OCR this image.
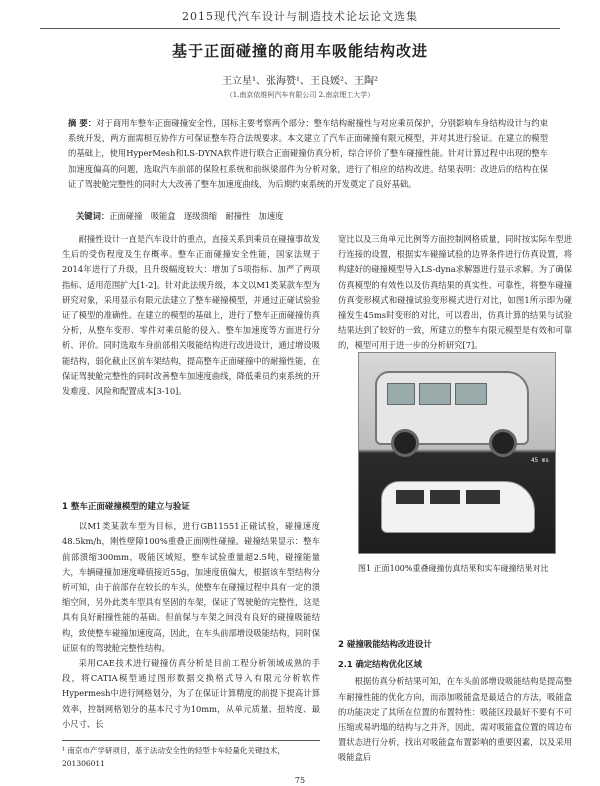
2015现代汽车设计与制造技术论坛论文选集
基于正面碰撞的商用车吸能结构改进
王立星¹、张海赞¹、王良媛²、王陶²
（1.南京依维柯汽车有限公司 2.南京理工大学）
摘 要：对于商用车整车正面碰撞安全性，国标主要考察两个部分：整车结构耐撞性与对应乘员保护，分别影响车身结构设计与约束系统开发，两方面需相互协作方可保证整车符合法规要求。本文建立了汽车正面碰撞有限元模型，并对其进行验证。在建立的模型的基础上，使用HyperMesh和LS-DYNA软件进行联合正面碰撞仿真分析，综合评价了整车碰撞性能。针对计算过程中出现的整车加速度偏高的问题，选取汽车前部的保险杠系统和前纵梁部件为分析对象，进行了相应的结构改进。结果表明：改进后的结构在保证了驾驶舱完整性的同时大大改善了整车加速度曲线，为后期约束系统的开发奠定了良好基础。
关键词：正面碰撞　吸能盒　逐级溃缩　耐撞性　加速度

耐撞性设计一直是汽车设计的重点，直接关系到乘员在碰撞事故发生后的受伤程度及生存概率。整车正面碰撞安全性能，国家法规于2014年进行了升级，且升级幅度较大：增加了5项指标、加严了两项指标、适用范围扩大[1-2]。针对此法规升级，本文以M1类某款车型为研究对象，采用显示有限元法建立了整车碰撞模型，并通过正碰试验验证了模型的准确性。在建立的模型的基础上，进行了整车正面碰撞仿真分析，从整车变形、零件对乘员舱的侵入、整车加速度等方面进行分析、评价。同时选取车身前部相关吸能结构进行改进设计，通过增设吸能结构，弱化截止区前车架结构，提高整车正面碰撞中的耐撞性能，在保证驾驶舱完整性的同时改善整车加速度曲线，降低乘员约束系统的开发难度、风险和配置成本[3-10]。

1 整车正面碰撞模型的建立与验证

以M1类某款车型为目标，进行GB11551正碰试验，碰撞速度48.5km/h，刚性壁障100%重叠正面刚性碰撞。碰撞结果显示：整车前部溃缩300mm，吸能区域短，整车试验重量超2.5吨，碰撞能量大，车辆碰撞加速度峰值接近55g，加速度值偏大，根据该车型结构分析可知，由于前部存在较长的车头，使整车在碰撞过程中具有一定的溃缩空间，另外此类车型具有坚固的车架，保证了驾驶舱的完整性，这是具有良好耐撞性能的基础。但前保与车架之间没有良好的碰撞吸能结构，致使整车碰撞加速度高，因此，在车头前部增设吸能结构，同时保证原有的驾驶舱完整性结构。

采用CAE技术进行碰撞仿真分析是目前工程分析领域成熟的手段，将CATIA模型通过图形数据交换格式导入有限元分析软件Hypermesh中进行网格划分，为了在保证计算精度的前提下提高计算效率，控制网格划分的基本尺寸为10mm，从单元质量、扭转度、最小尺寸、长

宽比以及三角单元比例等方面控制网格质量，同时按实际车型进行连接的设置，根据实车碰撞试验的边界条件进行仿真设置，将构建好的碰撞模型导入LS-dyna求解器进行显示求解。为了确保仿真模型的有效性以及仿真结果的真实性、可靠性，将整车碰撞仿真变形模式和碰撞试验变形模式进行对比，如图1所示即为碰撞发生45ms时变形的对比，可以看出，仿真计算的结果与试验结果达到了较好的一致，所建立的整车有限元模型是有效和可靠的，模型可用于进一步的分析研究[7]。

45 ms
图1 正面100%重叠碰撞仿真结果和实车碰撞结果对比
2 碰撞吸能结构改进设计
2.1 确定结构优化区域

根据仿真分析结果可知，在车头前部增设吸能结构是提高整车耐撞性能的优化方向，而添加吸能盒是最适合的方法，吸能盒的功能决定了其所在位置的布置特性：吸能区段最好不要有不可压缩或易坍塌的结构与之并齐，因此，需对吸能盒位置的周边布置状态进行分析，找出对吸能盒布置影响的重要因素，以及采用吸能盒后

¹ 南京市产学研项目，基于法动安全性的轻型卡车轻量化关键技术，201306011
75
